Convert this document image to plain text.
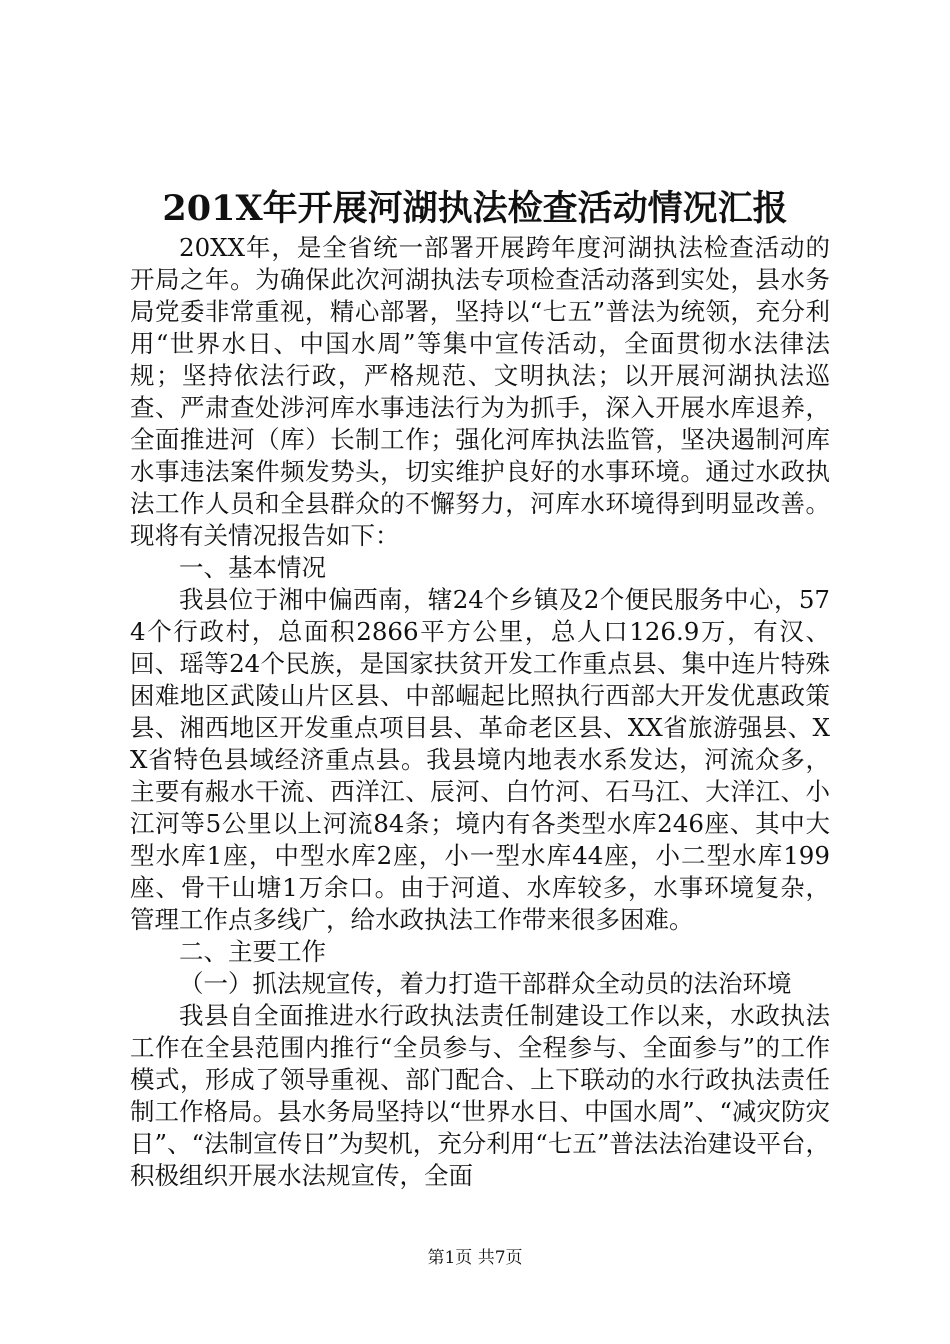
201X年开展河湖执法检查活动情况汇报

20XX年，是全省统一部署开展跨年度河湖执法检查活动的开局之年。为确保此次河湖执法专项检查活动落到实处，县水务局党委非常重视，精心部署，坚持以“七五”普法为统领，充分利用“世界水日、中国水周”等集中宣传活动，全面贯彻水法律法规；坚持依法行政，严格规范、文明执法；以开展河湖执法巡查、严肃查处涉河库水事违法行为为抓手，深入开展水库退养，全面推进河（库）长制工作；强化河库执法监管，坚决遏制河库水事违法案件频发势头，切实维护良好的水事环境。通过水政执法工作人员和全县群众的不懈努力，河库水环境得到明显改善。现将有关情况报告如下：

一、基本情况

我县位于湘中偏西南，辖24个乡镇及2个便民服务中心，574个行政村，总面积2866平方公里，总人口126.9万，有汉、回、瑶等24个民族，是国家扶贫开发工作重点县、集中连片特殊困难地区武陵山片区县、中部崛起比照执行西部大开发优惠政策县、湘西地区开发重点项目县、革命老区县、XX省旅游强县、XX省特色县域经济重点县。我县境内地表水系发达，河流众多，主要有赧水干流、西洋江、辰河、白竹河、石马江、大洋江、小江河等5公里以上河流84条；境内有各类型水库246座、其中大型水库1座，中型水库2座，小一型水库44座，小二型水库199座、骨干山塘1万余口。由于河道、水库较多，水事环境复杂，管理工作点多线广，给水政执法工作带来很多困难。

二、主要工作

（一）抓法规宣传，着力打造干部群众全动员的法治环境

我县自全面推进水行政执法责任制建设工作以来，水政执法工作在全县范围内推行“全员参与、全程参与、全面参与”的工作模式，形成了领导重视、部门配合、上下联动的水行政执法责任制工作格局。县水务局坚持以“世界水日、中国水周”、“减灾防灾日”、“法制宣传日”为契机，充分利用“七五”普法法治建设平台，积极组织开展水法规宣传，全面

第1页 共7页
